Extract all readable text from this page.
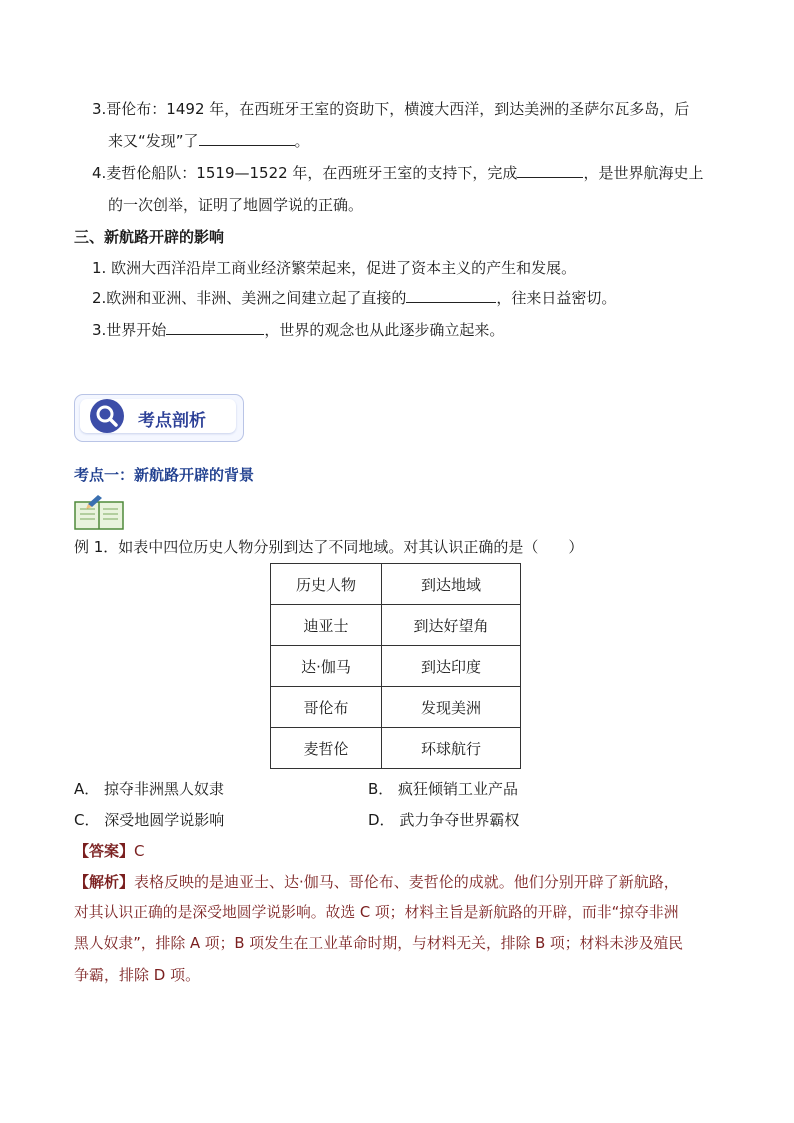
3.哥伦布：1492 年，在西班牙王室的资助下，横渡大西洋，到达美洲的圣萨尔瓦多岛，后
来又“发现”了	。
4.麦哲伦船队：1519—1522 年，在西班牙王室的支持下，完成	，是世界航海史上
的一次创举，证明了地圆学说的正确。
三、新航路开辟的影响
1. 欧洲大西洋沿岸工商业经济繁荣起来，促进了资本主义的产生和发展。
2.欧洲和亚洲、非洲、美洲之间建立起了直接的	，往来日益密切。
3.世界开始	，世界的观念也从此逐步确立起来。
考点剖析
考点一：新航路开辟的背景
例 1．如表中四位历史人物分别到达了不同地域。对其认识正确的是（　　）
历史人物	到达地域
迪亚士	到达好望角
达·伽马	到达印度
哥伦布	发现美洲
麦哲伦	环球航行
A． 掠夺非洲黑人奴隶	B． 疯狂倾销工业产品
C． 深受地圆学说影响	D． 武力争夺世界霸权
【答案】C
【解析】表格反映的是迪亚士、达·伽马、哥伦布、麦哲伦的成就。他们分别开辟了新航路，
对其认识正确的是深受地圆学说影响。故选 C 项；材料主旨是新航路的开辟，而非“掠夺非洲
黑人奴隶”，排除 A 项；B 项发生在工业革命时期，与材料无关，排除 B 项；材料未涉及殖民
争霸，排除 D 项。
